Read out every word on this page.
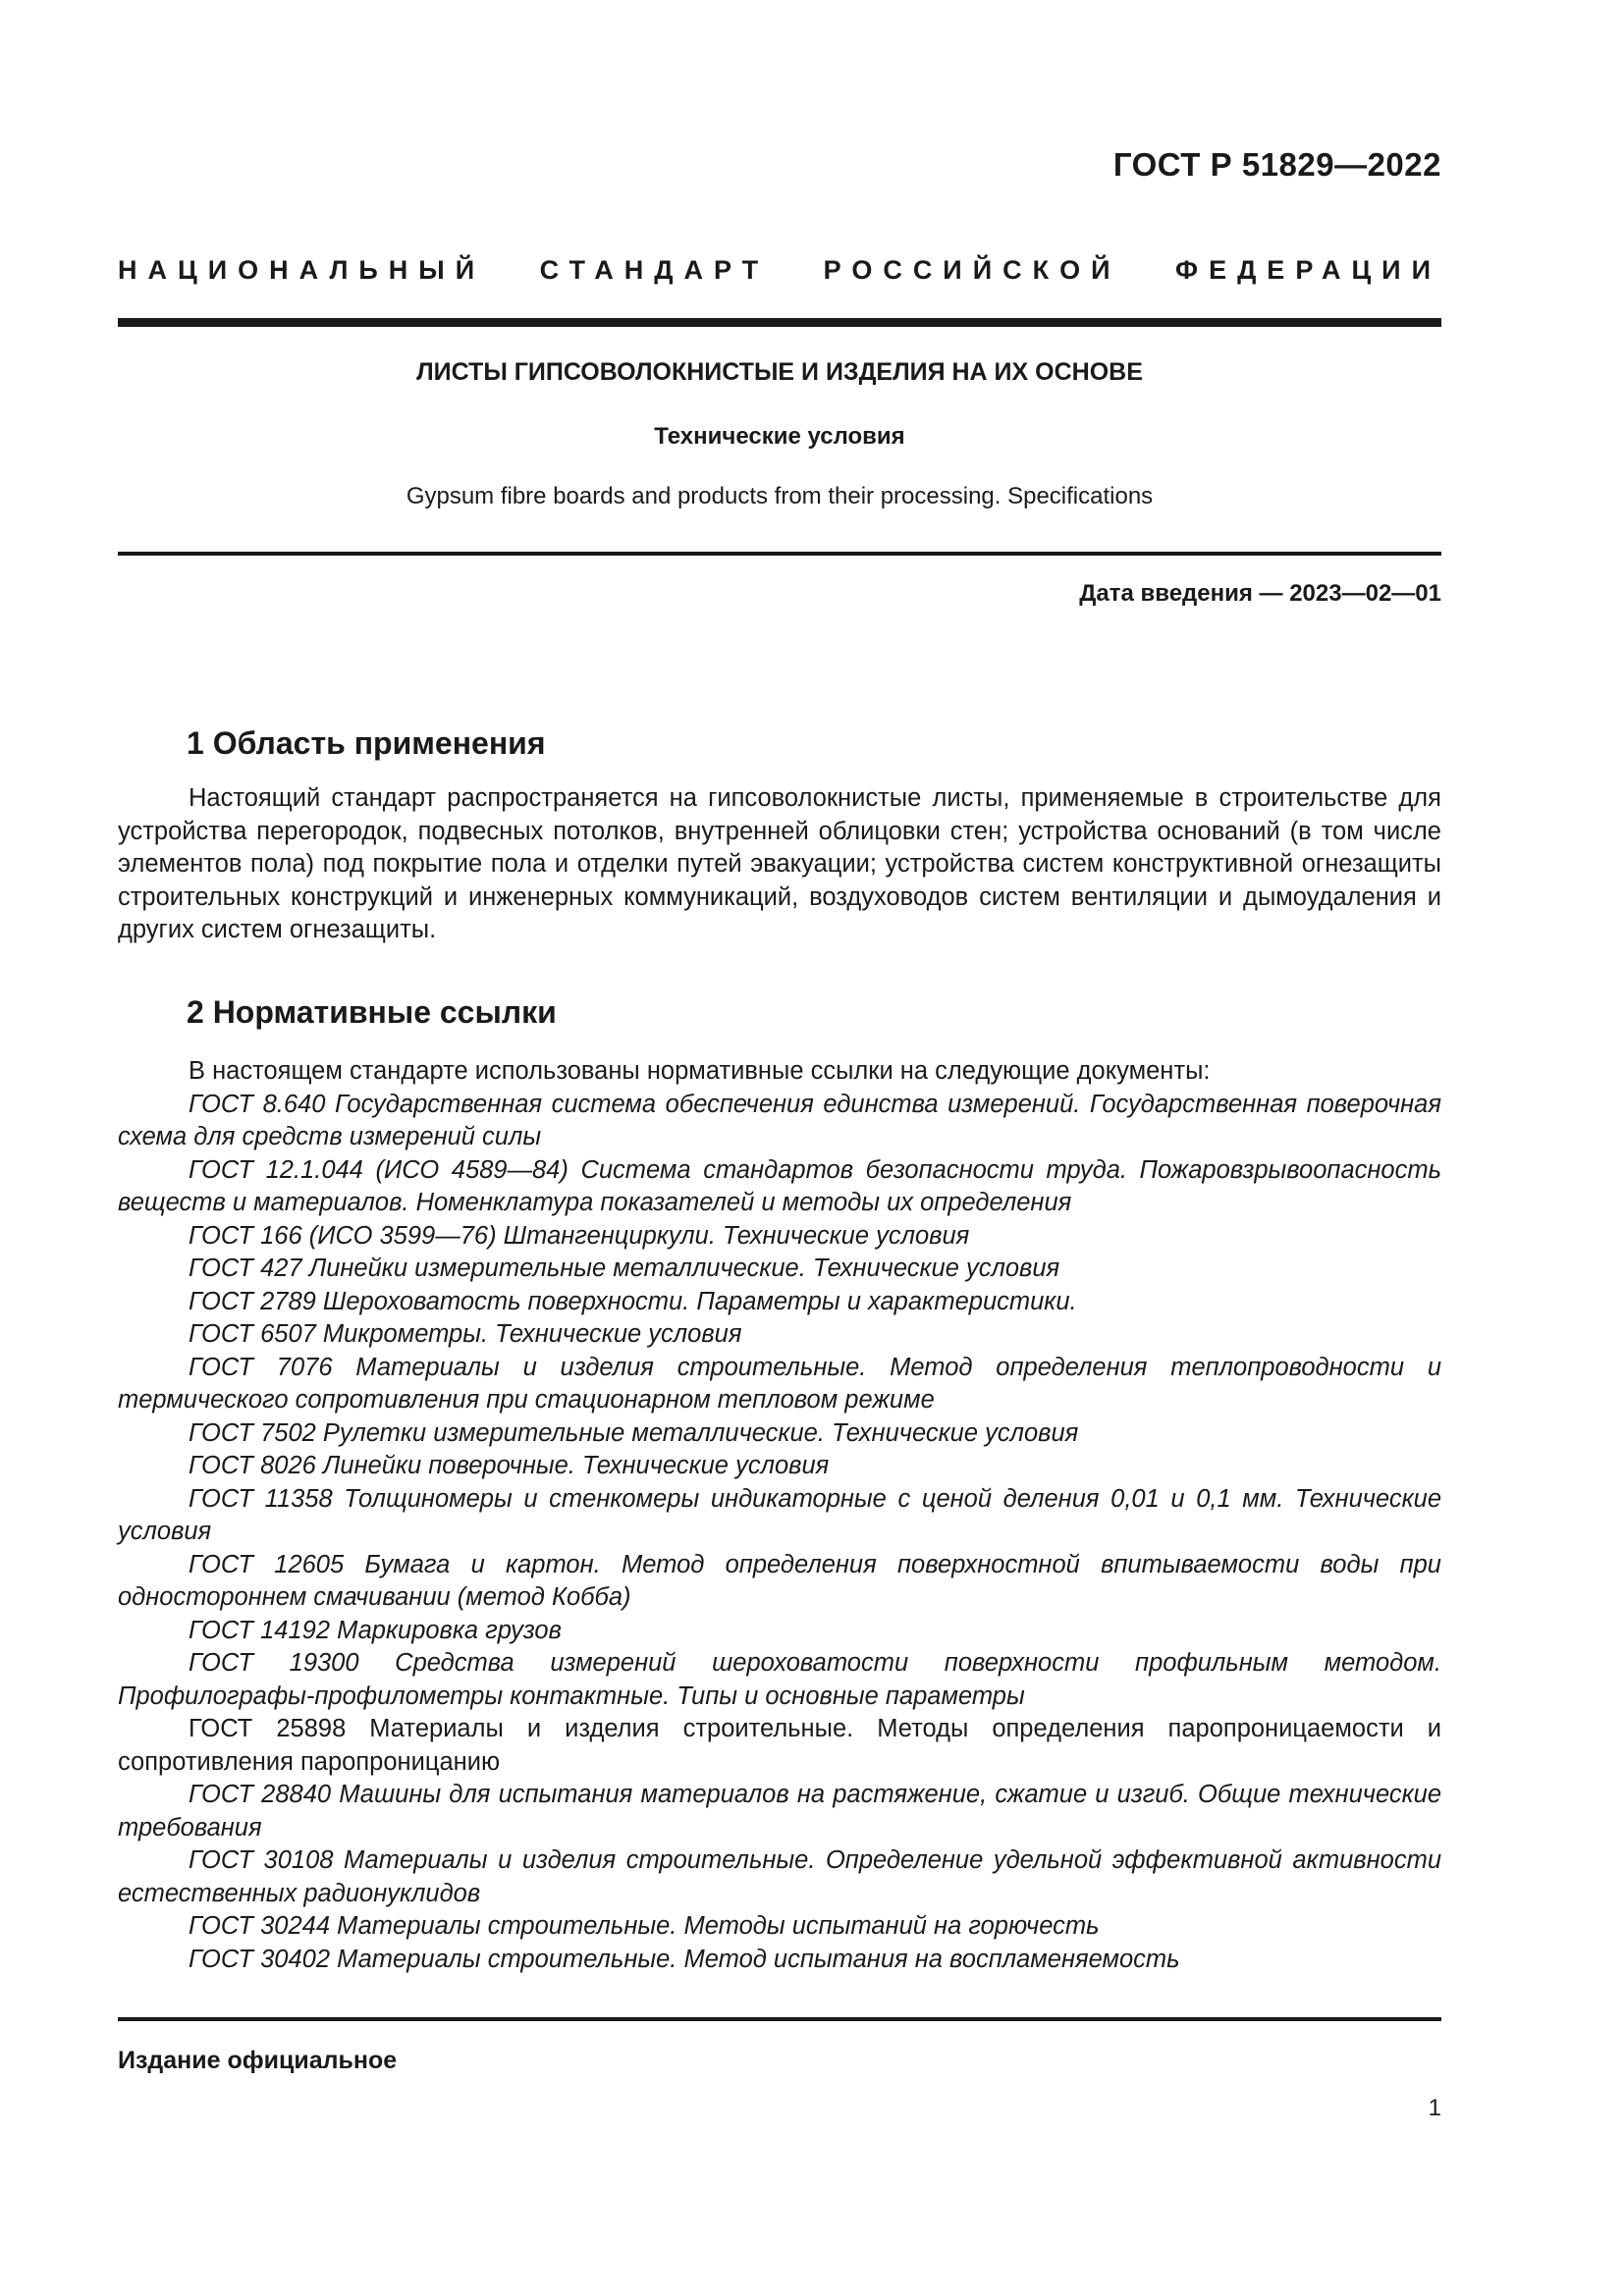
ГОСТ Р 51829—2022
НАЦИОНАЛЬНЫЙ СТАНДАРТ РОССИЙСКОЙ ФЕДЕРАЦИИ
ЛИСТЫ ГИПСОВОЛОКНИСТЫЕ И ИЗДЕЛИЯ НА ИХ ОСНОВЕ
Технические условия
Gypsum fibre boards and products from their processing. Specifications
Дата введения — 2023—02—01
1 Область применения

Настоящий стандарт распространяется на гипсоволокнистые листы, применяемые в строительстве для устройства перегородок, подвесных потолков, внутренней облицовки стен; устройства оснований (в том числе элементов пола) под покрытие пола и отделки путей эвакуации; устройства систем конструктивной огнезащиты строительных конструкций и инженерных коммуникаций, воздуховодов систем вентиляции и дымоудаления и других систем огнезащиты.

2 Нормативные ссылки

В настоящем стандарте использованы нормативные ссылки на следующие документы:

ГОСТ 8.640 Государственная система обеспечения единства измерений. Государственная поверочная схема для средств измерений силы

ГОСТ 12.1.044 (ИСО 4589—84) Система стандартов безопасности труда. Пожаровзрывоопасность веществ и материалов. Номенклатура показателей и методы их определения

ГОСТ 166 (ИСО 3599—76) Штангенциркули. Технические условия

ГОСТ 427 Линейки измерительные металлические. Технические условия

ГОСТ 2789 Шероховатость поверхности. Параметры и характеристики.

ГОСТ 6507 Микрометры. Технические условия

ГОСТ 7076 Материалы и изделия строительные. Метод определения теплопроводности и термического сопротивления при стационарном тепловом режиме

ГОСТ 7502 Рулетки измерительные металлические. Технические условия

ГОСТ 8026 Линейки поверочные. Технические условия

ГОСТ 11358 Толщиномеры и стенкомеры индикаторные с ценой деления 0,01 и 0,1 мм. Технические условия

ГОСТ 12605 Бумага и картон. Метод определения поверхностной впитываемости воды при одностороннем смачивании (метод Кобба)

ГОСТ 14192 Маркировка грузов

ГОСТ 19300 Средства измерений шероховатости поверхности профильным методом. Профилографы-профилометры контактные. Типы и основные параметры

ГОСТ 25898 Материалы и изделия строительные. Методы определения паропроницаемости и сопротивления паропроницанию

ГОСТ 28840 Машины для испытания материалов на растяжение, сжатие и изгиб. Общие технические требования

ГОСТ 30108 Материалы и изделия строительные. Определение удельной эффективной активности естественных радионуклидов

ГОСТ 30244 Материалы строительные. Методы испытаний на горючесть

ГОСТ 30402 Материалы строительные. Метод испытания на воспламеняемость

Издание официальное
1
